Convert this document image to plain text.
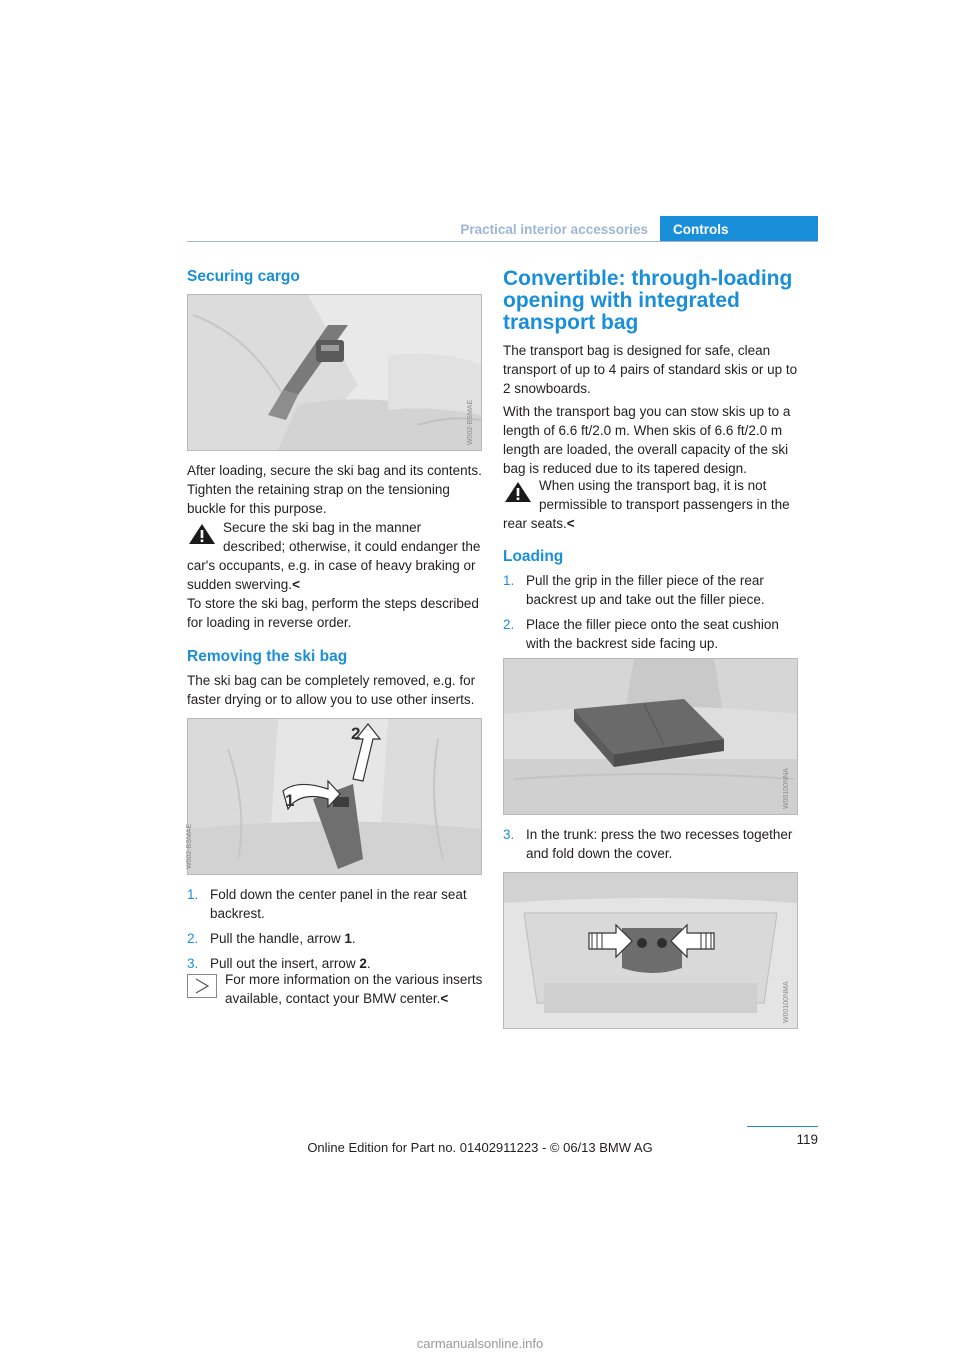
Practical interior accessories	Controls
Securing cargo
W002-BSMAE

After loading, secure the ski bag and its contents. Tighten the retaining strap on the tensioning buckle for this purpose.

Secure the ski bag in the manner described; otherwise, it could endanger the car's occupants, e.g. in case of heavy braking or sudden swerving.<

To store the ski bag, perform the steps described for loading in reverse order.

Removing the ski bag

The ski bag can be completely removed, e.g. for faster drying or to allow you to use other inserts.

1
2
W002-BSMAE
1. Fold down the center panel in the rear seat backrest.
2. Pull the handle, arrow 1.
3. Pull out the insert, arrow 2.

For more information on the various inserts available, contact your BMW center.<

Convertible: through-loading opening with integrated transport bag

The transport bag is designed for safe, clean transport of up to 4 pairs of standard skis or up to 2 snowboards.

With the transport bag you can stow skis up to a length of 6.6 ft/2.0 m. When skis of 6.6 ft/2.0 m length are loaded, the overall capacity of the ski bag is reduced due to its tapered design.

When using the transport bag, it is not permissible to transport passengers in the rear seats.<

Loading
1. Pull the grip in the filler piece of the rear backrest up and take out the filler piece.
2. Place the filler piece onto the seat cushion with the backrest side facing up.
W00100NNA
3. In the trunk: press the two recesses together and fold down the cover.
W00100NMA
119
Online Edition for Part no. 01402911223 - © 06/13 BMW AG
carmanualsonline.info
